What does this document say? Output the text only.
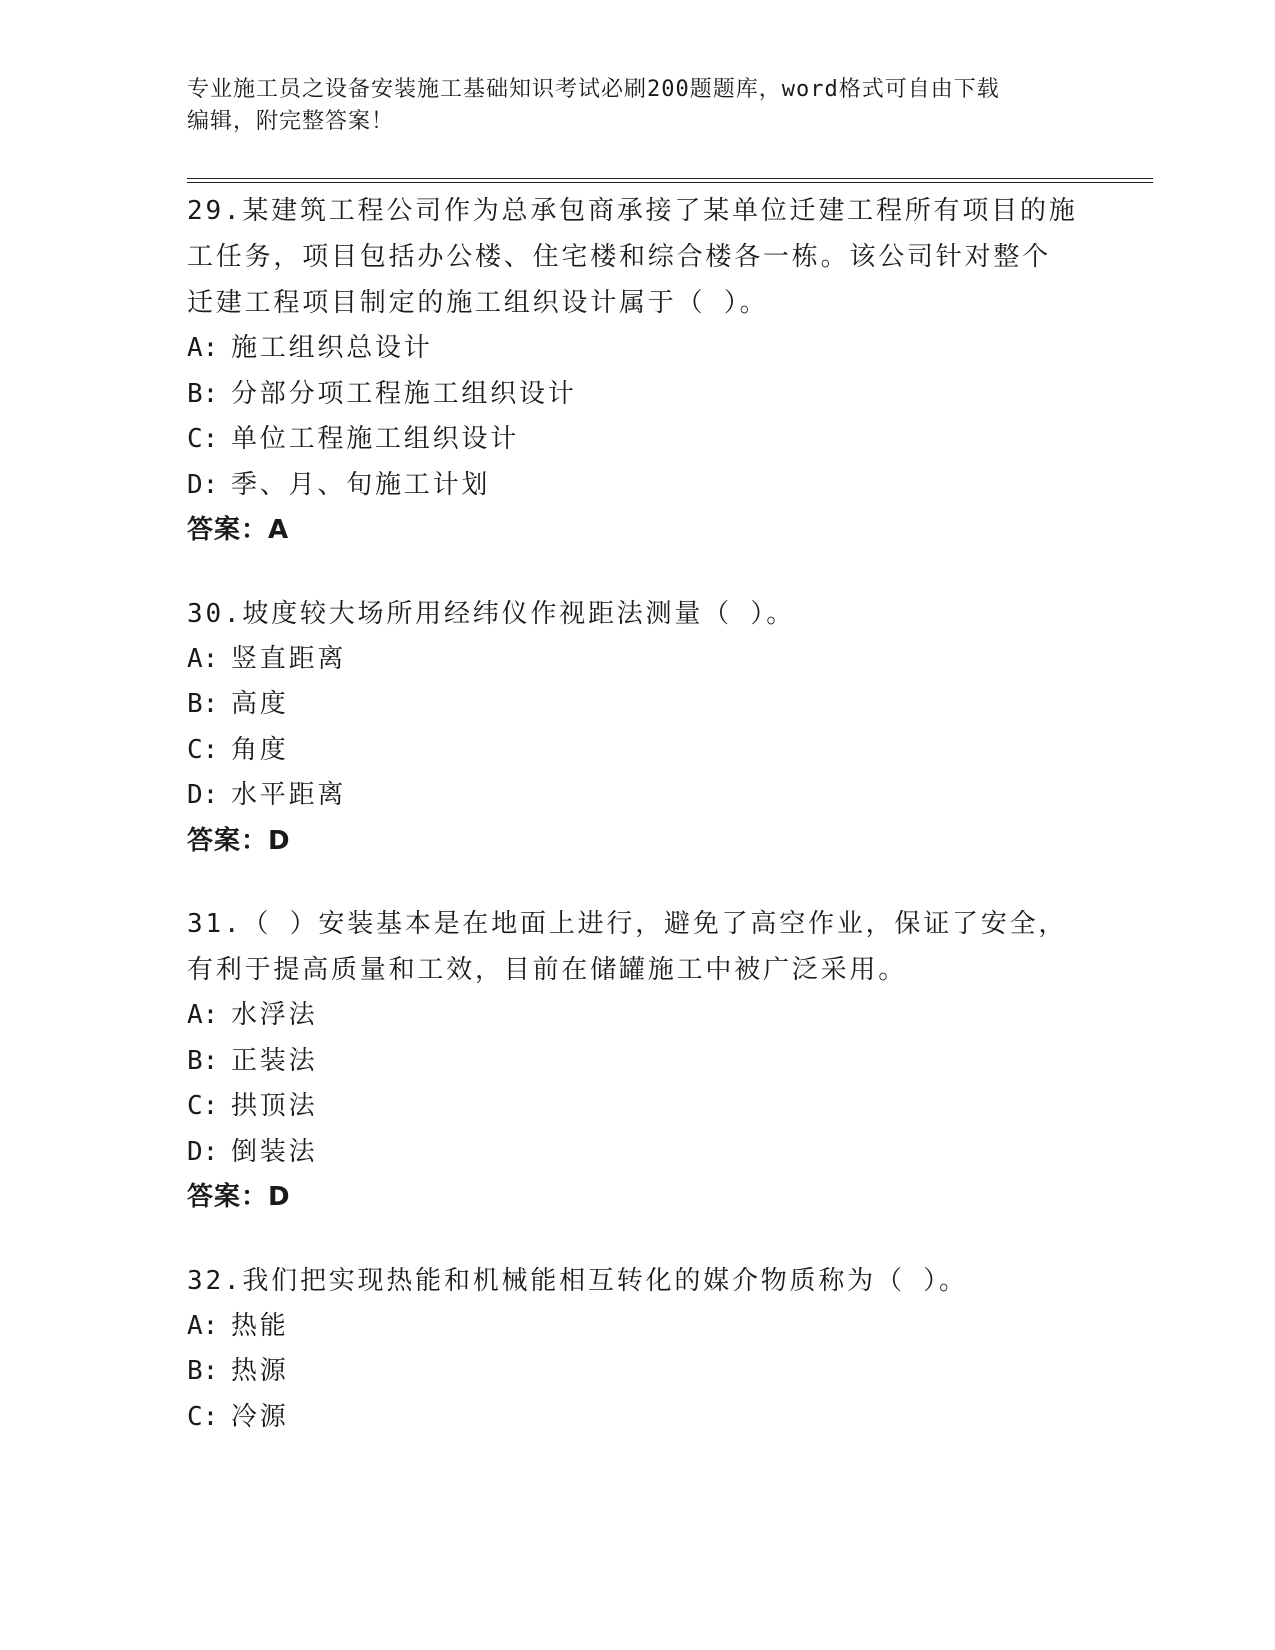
专业施工员之设备安装施工基础知识考试必刷200题题库，word格式可自由下载
编辑，附完整答案！
29.某建筑工程公司作为总承包商承接了某单位迁建工程所有项目的施
工任务，项目包括办公楼、住宅楼和综合楼各一栋。该公司针对整个
迁建工程项目制定的施工组织设计属于（ ）。
A: 施工组织总设计
B: 分部分项工程施工组织设计
C: 单位工程施工组织设计
D: 季、月、旬施工计划
答案：A
30.坡度较大场所用经纬仪作视距法测量（ ）。
A: 竖直距离
B: 高度
C: 角度
D: 水平距离
答案：D
31.（ ）安装基本是在地面上进行，避免了高空作业，保证了安全，
有利于提高质量和工效，目前在储罐施工中被广泛采用。
A: 水浮法
B: 正装法
C: 拱顶法
D: 倒装法
答案：D
32.我们把实现热能和机械能相互转化的媒介物质称为（ ）。
A: 热能
B: 热源
C: 冷源
